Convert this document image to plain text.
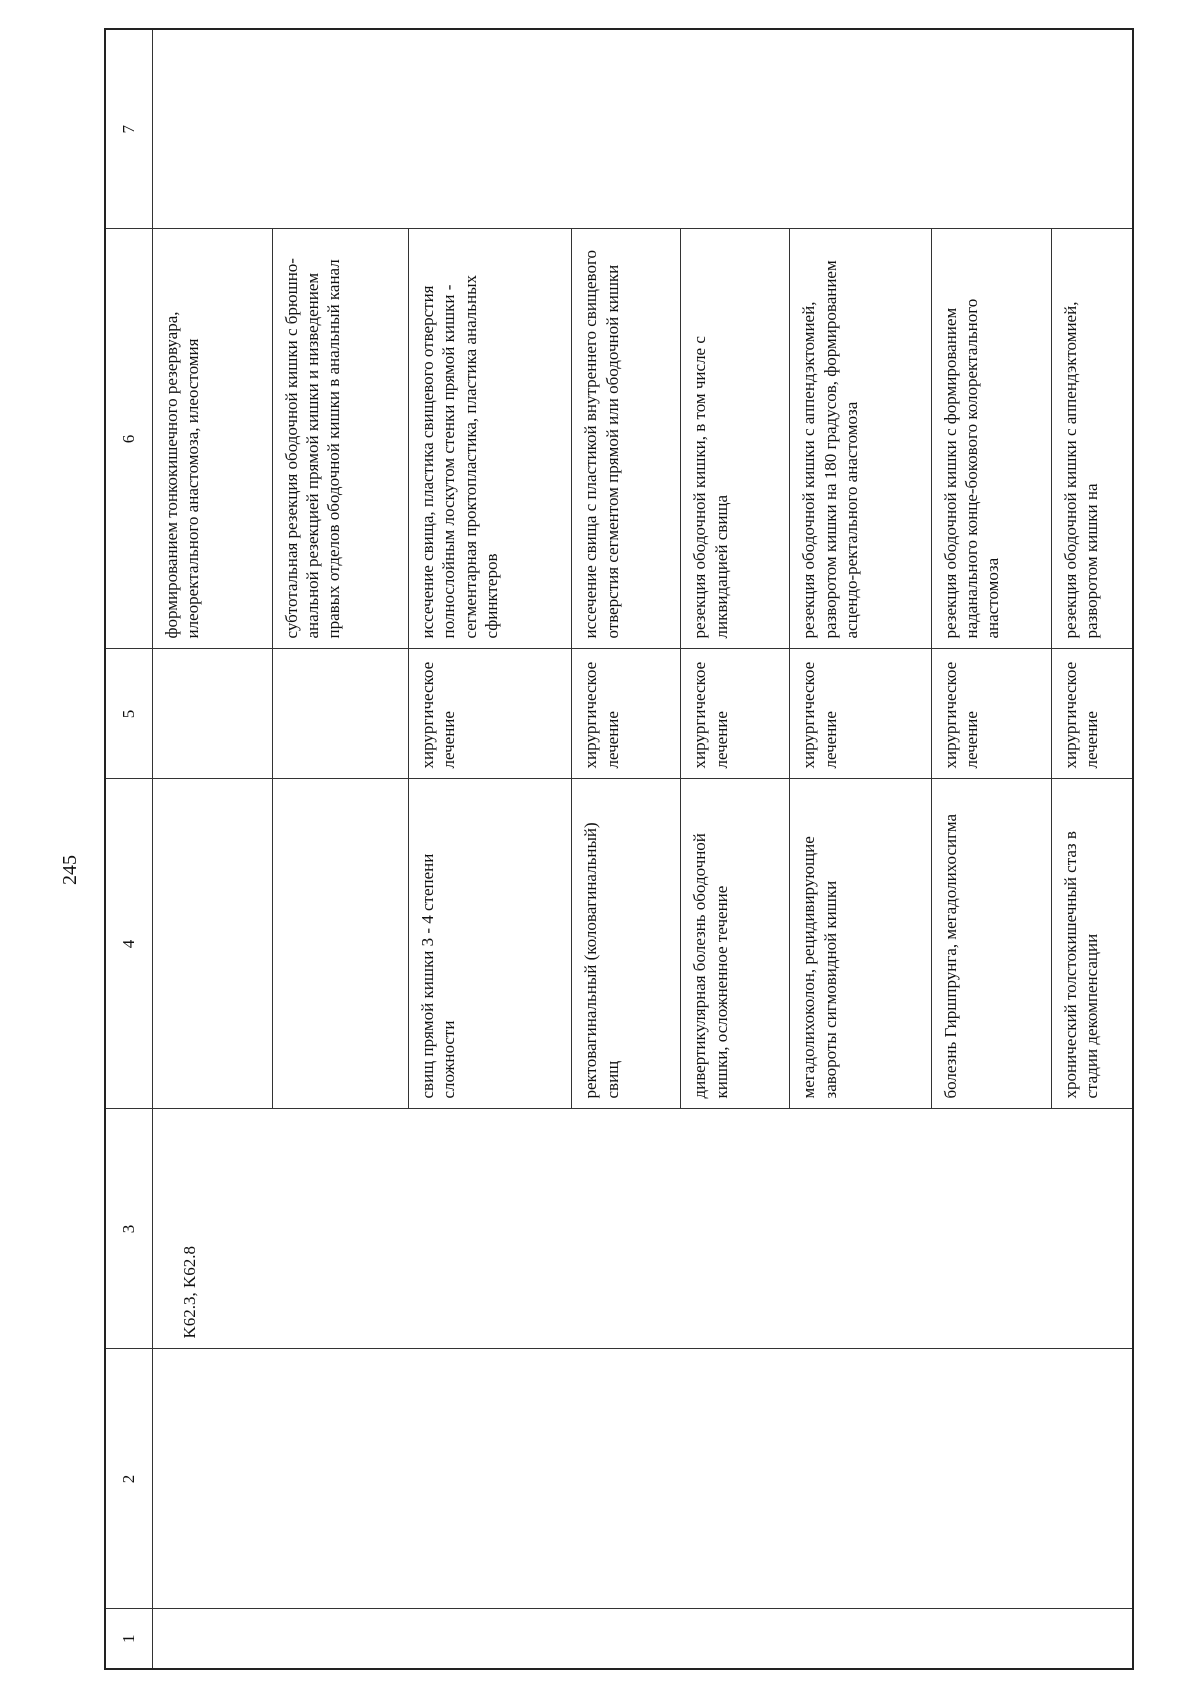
245
1	2	3	4	5	6	7
		K62.3, K62.8			формированием тонкокишечного резервуара, илеоректального анастомоза, илеостомия	
					субтотальная резекция ободочной кишки с брюшно-анальной резекцией прямой кишки и низведением правых отделов ободочной кишки в анальный канал	
			свищ прямой кишки 3 - 4 степени сложности	хирургическое лечение	иссечение свища, пластика свищевого отверстия полнослойным лоскутом стенки прямой кишки - сегментарная проктопластика, пластика анальных сфинктеров	
			ректовагинальный (коловагинальный) свищ	хирургическое лечение	иссечение свища с пластикой внутреннего свищевого отверстия сегментом прямой или ободочной кишки	
			дивертикулярная болезнь ободочной кишки, осложненное течение	хирургическое лечение	резекция ободочной кишки, в том числе с ликвидацией свища	
			мегадолихоколон, рецидивирующие завороты сигмовидной кишки	хирургическое лечение	резекция ободочной кишки с аппендэктомией, разворотом кишки на 180 градусов, формированием асцендо-ректального анастомоза	
			болезнь Гиршпрунга, мегадолихосигма	хирургическое лечение	резекция ободочной кишки с формированием наданального конце-бокового колоректального анастомоза	
			хронический толстокишечный стаз в стадии декомпенсации	хирургическое лечение	резекция ободочной кишки с аппендэктомией, разворотом кишки на	
